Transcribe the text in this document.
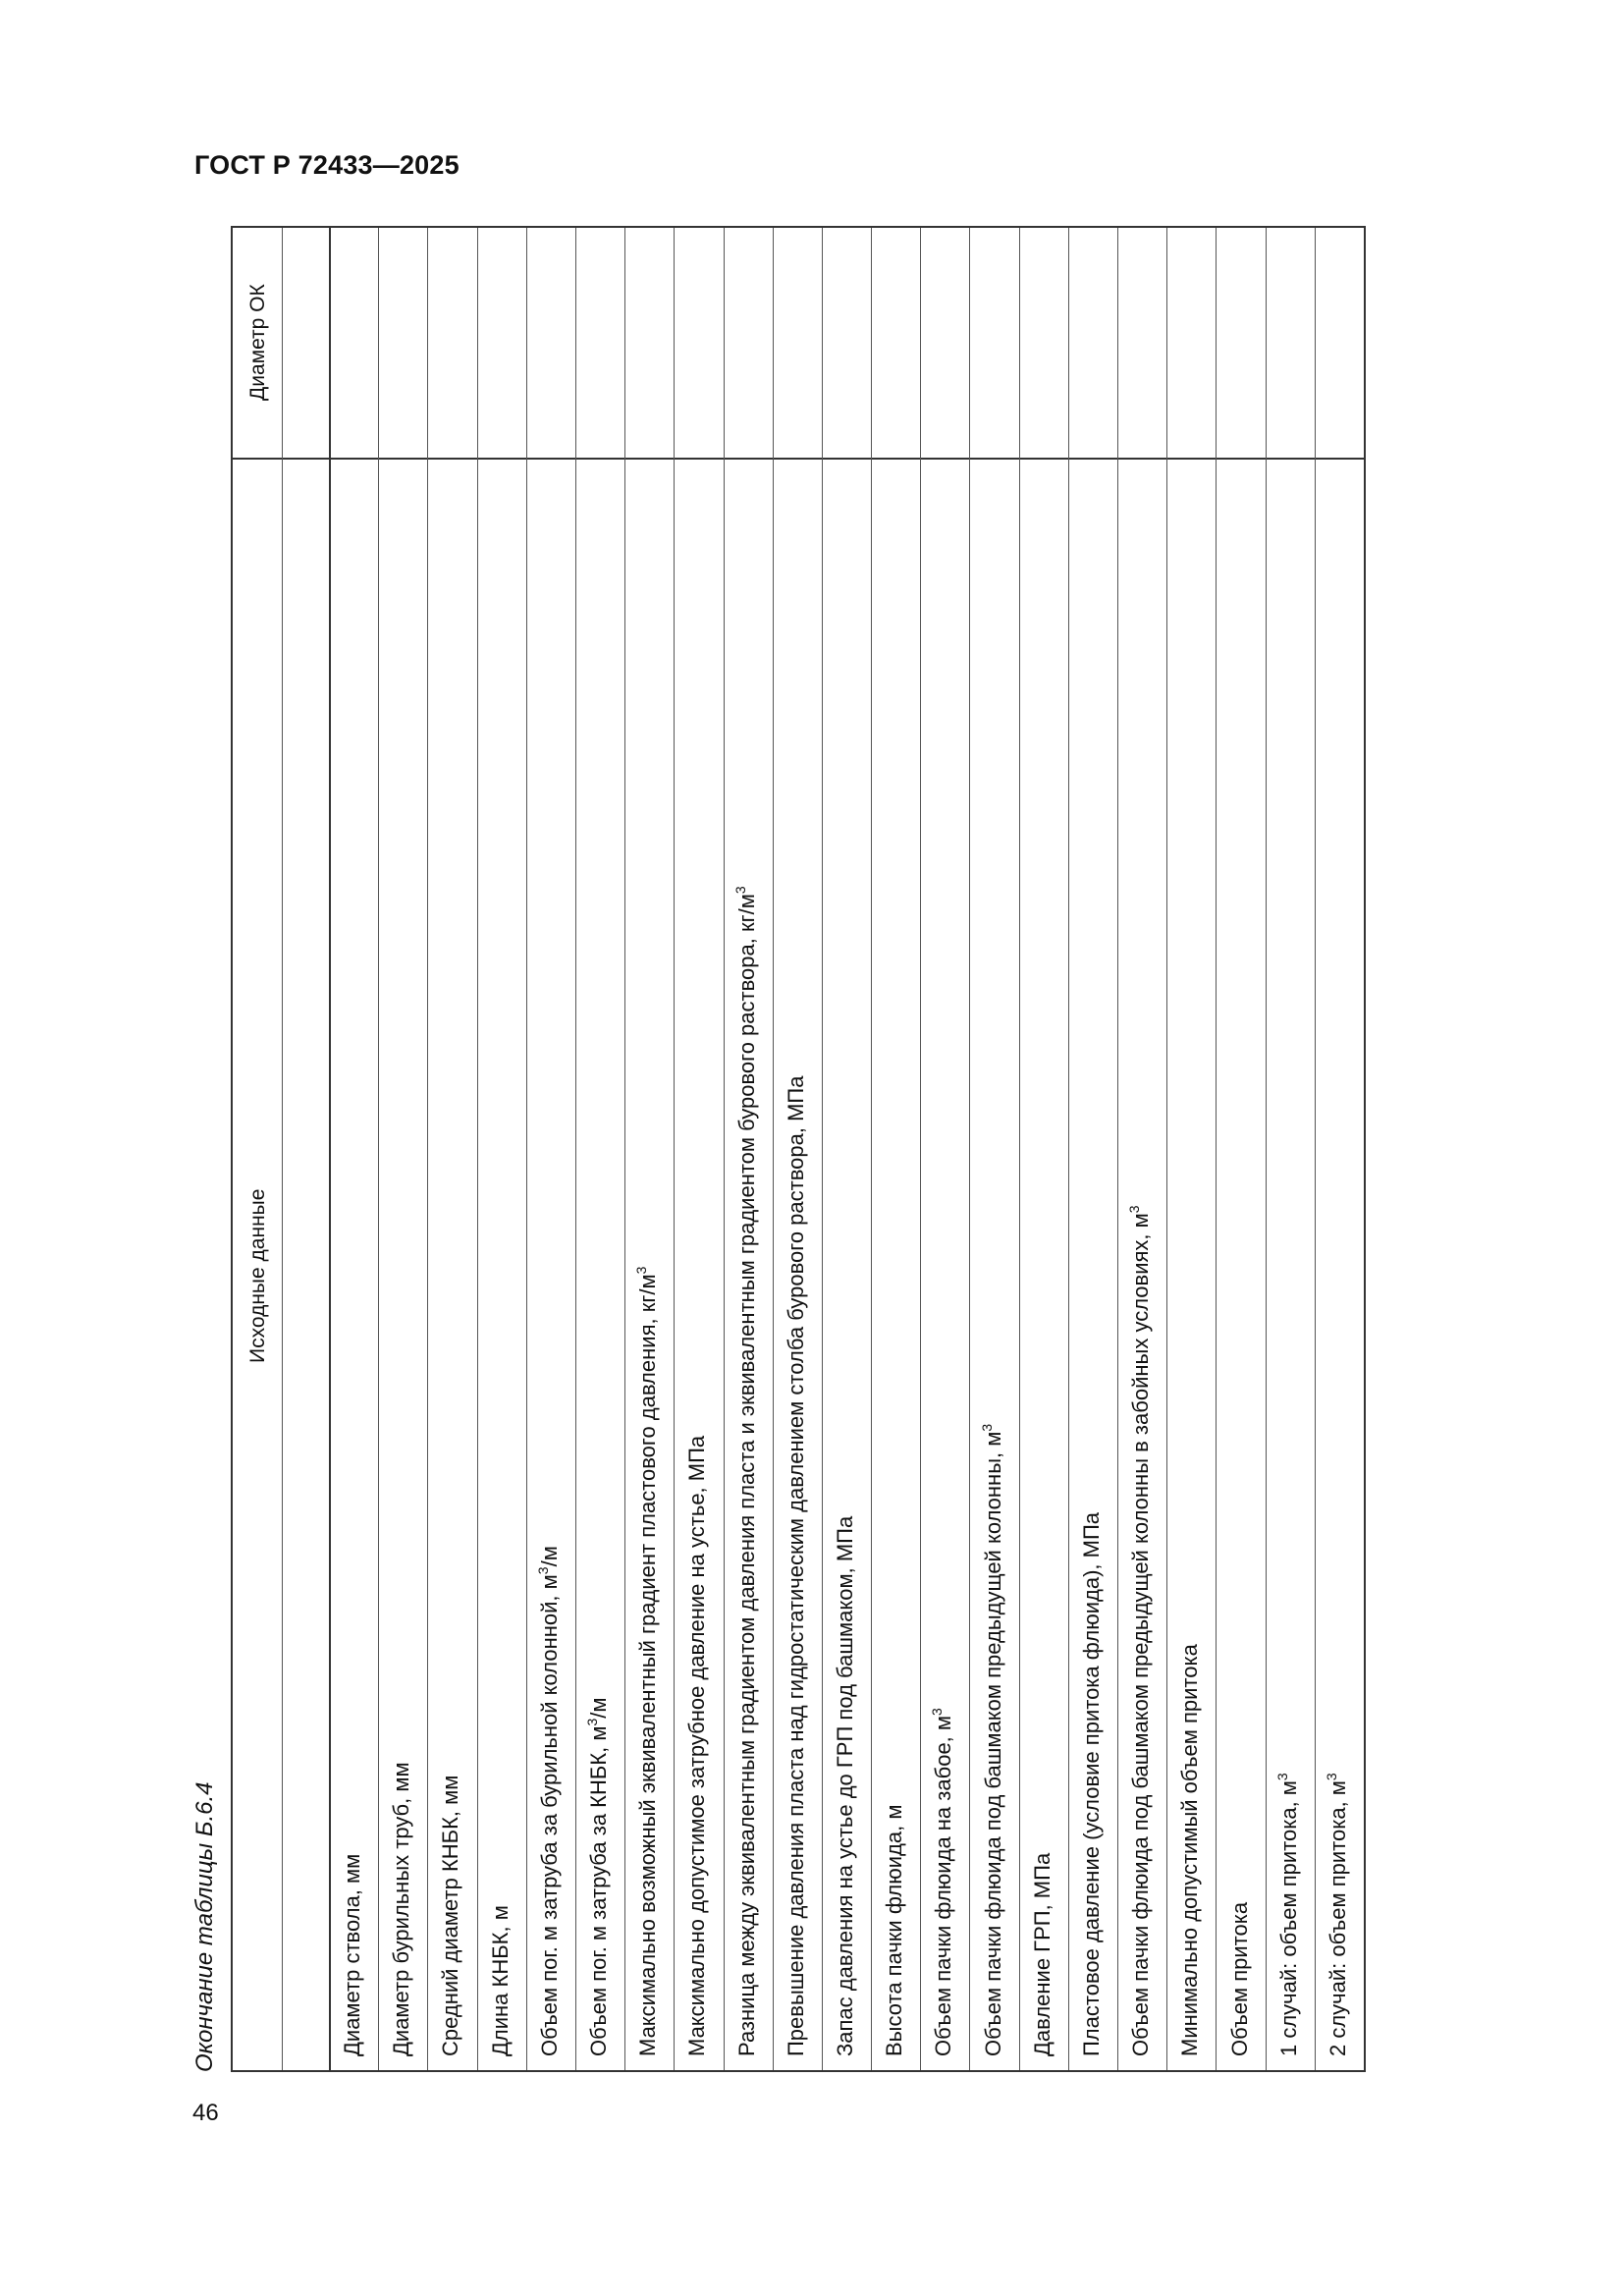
ГОСТ Р 72433—2025
46
Окончание таблицы Б.6.4
Исходные данные
Диаметр ОК
Диаметр ствола, мм Диаметр бурильных труб, мм Средний диаметр КНБК, мм Длина КНБК, м Объем пог. м затруба за бурильной колонной, $м^3/м$
Объем пог. м затруба за КНБК, $м^3/м$ Максимально возможный эквивалентный градиент пластового давления, $кг/м^3$
Максимально допустимое затрубное давление на устье, МПа Разница между эквивалентным градиентом давления пласта и эквивалентным градиентом бурового раствора, $кг/м^3$
Превышение давления пласта над гидростатическим давлением столба бурового раствора, МПа Запас давления на устье до ГРП под башмаком, МПа Высота пачки флюида, м Объем пачки флюида на забое, $м^3$	Объем пачки флюида под башмаком предыдущей колонны, $м^3$
Давление ГРП, МПа Пластовое давление (условие притока флюида), МПа Объем пачки флюида под башмаком предыдущей колонны в забойных условиях, $м^3$
Минимально допустимый объем притока Объем притока 1 случай: объем притока, $м^3$
2 случай: объем притока, $м^3$
